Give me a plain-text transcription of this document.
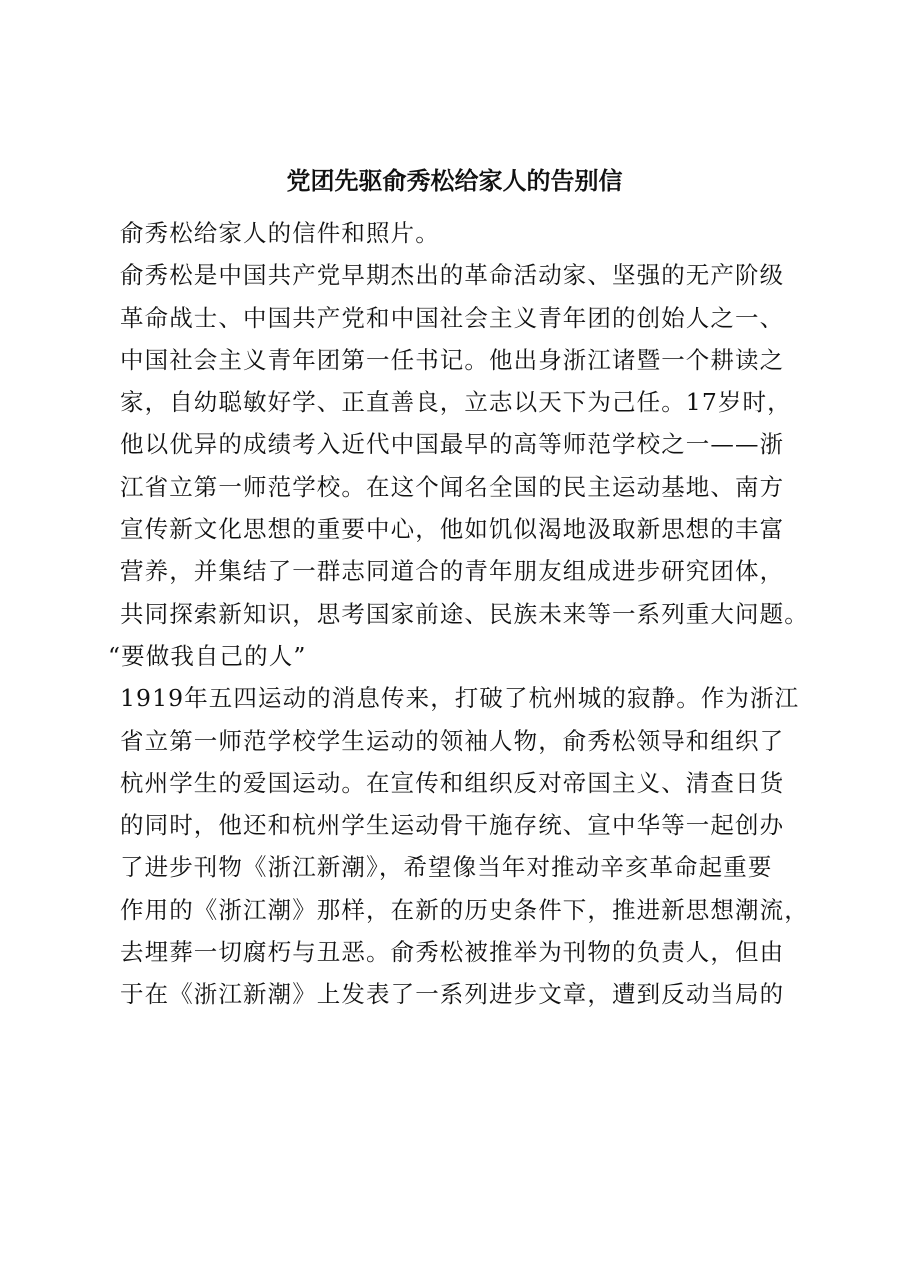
党团先驱俞秀松给家人的告别信
俞秀松给家人的信件和照片。
俞秀松是中国共产党早期杰出的革命活动家、坚强的无产阶级
革命战士、中国共产党和中国社会主义青年团的创始人之一、
中国社会主义青年团第一任书记。他出身浙江诸暨一个耕读之
家，自幼聪敏好学、正直善良，立志以天下为己任。17岁时，
他以优异的成绩考入近代中国最早的高等师范学校之一——浙
江省立第一师范学校。在这个闻名全国的民主运动基地、南方
宣传新文化思想的重要中心，他如饥似渴地汲取新思想的丰富
营养，并集结了一群志同道合的青年朋友组成进步研究团体，
共同探索新知识，思考国家前途、民族未来等一系列重大问题。
“要做我自己的人”
1919年五四运动的消息传来，打破了杭州城的寂静。作为浙江
省立第一师范学校学生运动的领袖人物，俞秀松领导和组织了
杭州学生的爱国运动。在宣传和组织反对帝国主义、清查日货
的同时，他还和杭州学生运动骨干施存统、宣中华等一起创办
了进步刊物《浙江新潮》，希望像当年对推动辛亥革命起重要
作用的《浙江潮》那样，在新的历史条件下，推进新思想潮流，
去埋葬一切腐朽与丑恶。俞秀松被推举为刊物的负责人，但由
于在《浙江新潮》上发表了一系列进步文章，遭到反动当局的
